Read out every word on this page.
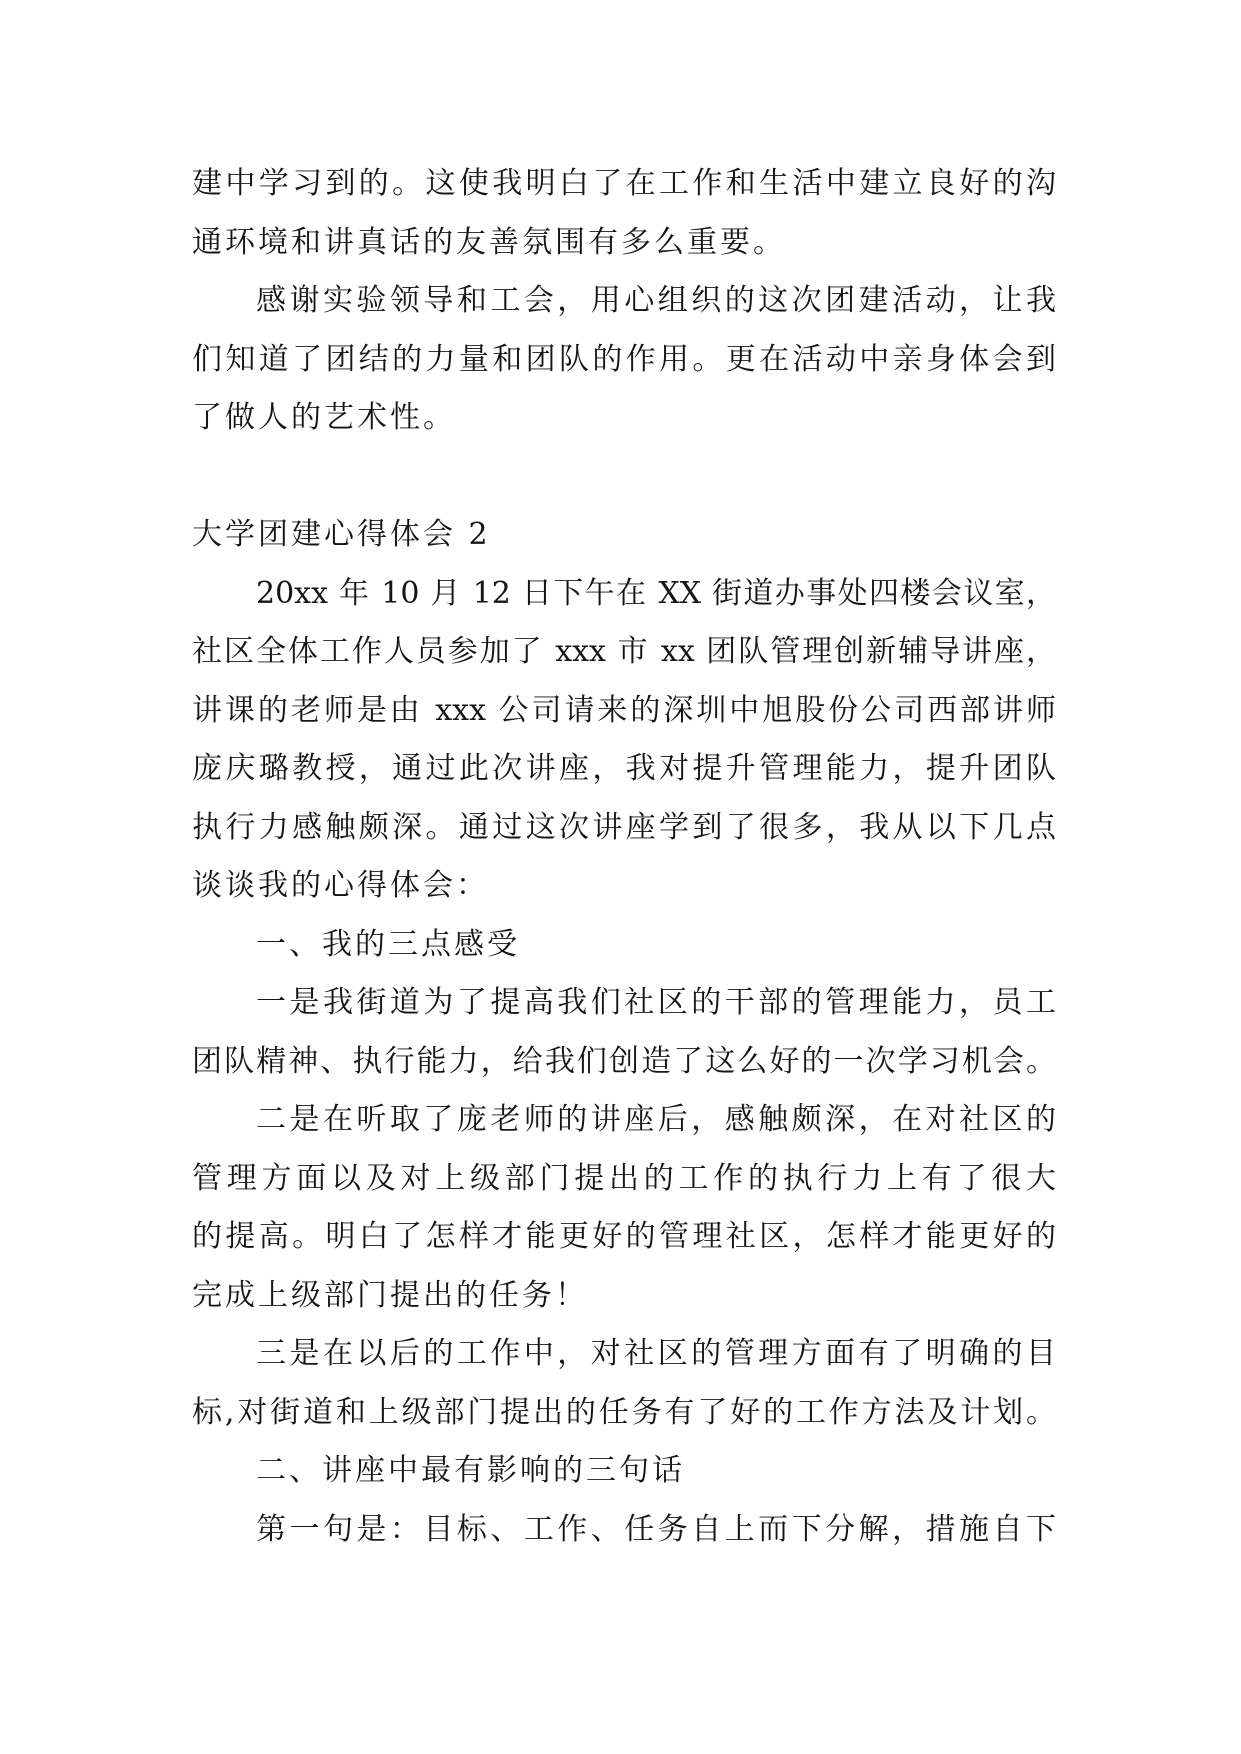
建中学习到的。这使我明白了在工作和生活中建立良好的沟
通环境和讲真话的友善氛围有多么重要。
感谢实验领导和工会，用心组织的这次团建活动，让我
们知道了团结的力量和团队的作用。更在活动中亲身体会到
了做人的艺术性。
大学团建心得体会 2
20xx 年 10 月 12 日下午在 XX 街道办事处四楼会议室，
社区全体工作人员参加了 xxx 市 xx 团队管理创新辅导讲座，
讲课的老师是由 xxx 公司请来的深圳中旭股份公司西部讲师
庞庆璐教授，通过此次讲座，我对提升管理能力，提升团队
执行力感触颇深。通过这次讲座学到了很多，我从以下几点
谈谈我的心得体会：
一、我的三点感受
一是我街道为了提高我们社区的干部的管理能力，员工
团队精神、执行能力，给我们创造了这么好的一次学习机会。
二是在听取了庞老师的讲座后，感触颇深，在对社区的
管理方面以及对上级部门提出的工作的执行力上有了很大
的提高。明白了怎样才能更好的管理社区，怎样才能更好的
完成上级部门提出的任务！
三是在以后的工作中，对社区的管理方面有了明确的目
标,对街道和上级部门提出的任务有了好的工作方法及计划。
二、讲座中最有影响的三句话
第一句是：目标、工作、任务自上而下分解，措施自下
